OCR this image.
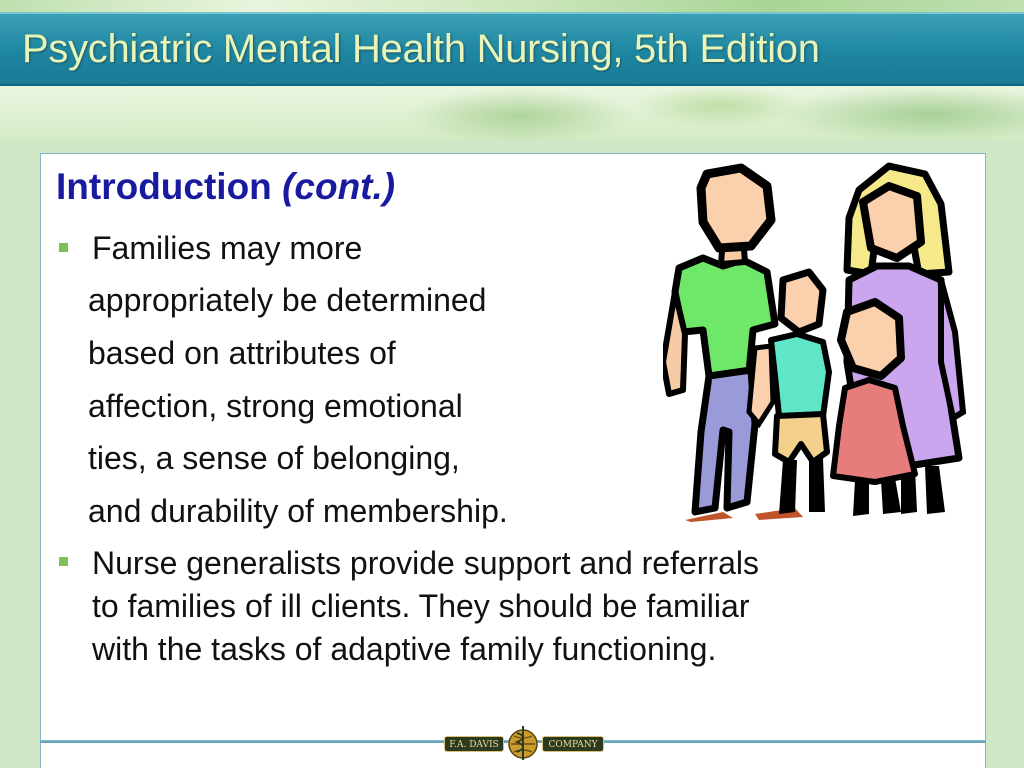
Psychiatric Mental Health Nursing, 5th Edition
Introduction (cont.)
Families may more
appropriately be determined
based on attributes of
affection, strong emotional
ties, a sense of belonging,
and durability of membership.
Nurse generalists provide support and referrals
to families of ill clients. They should be familiar
with the tasks of adaptive family functioning.
F.A. DAVIS	COMPANY
